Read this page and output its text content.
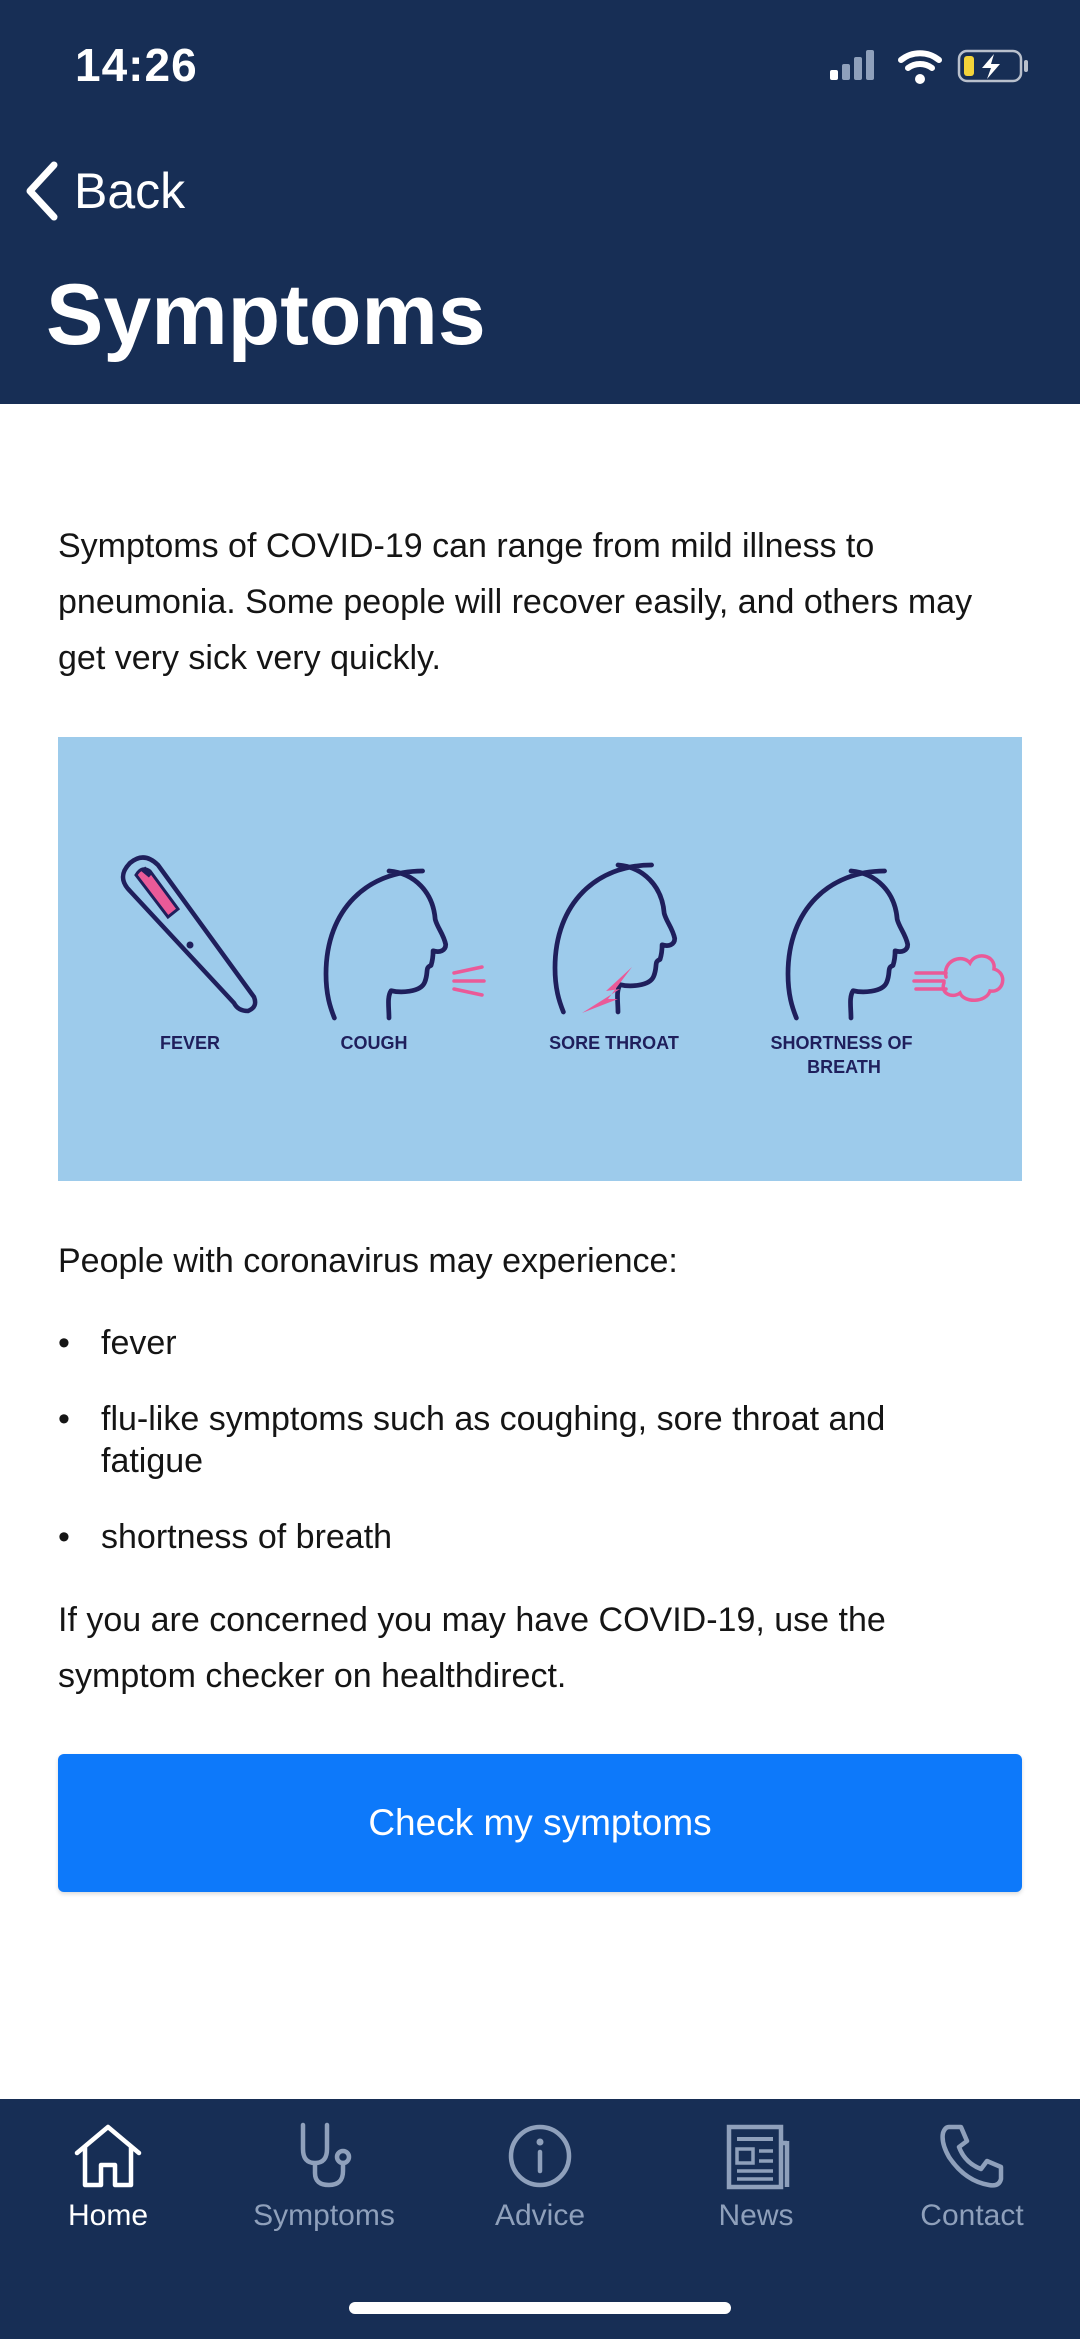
14:26
Back
Symptoms
Symptoms of COVID-19 can range from mild illness to pneumonia. Some people will recover easily, and others may get very sick very quickly.
FEVER	COUGH	SORE THROAT	SHORTNESS OF BREATH
People with coronavirus may experience:
• fever
• flu-like symptoms such as coughing, sore throat and fatigue
• shortness of breath
If you are concerned you may have COVID-19, use the symptom checker on healthdirect.
Check my symptoms
Home	Symptoms	Advice	News	Contact
